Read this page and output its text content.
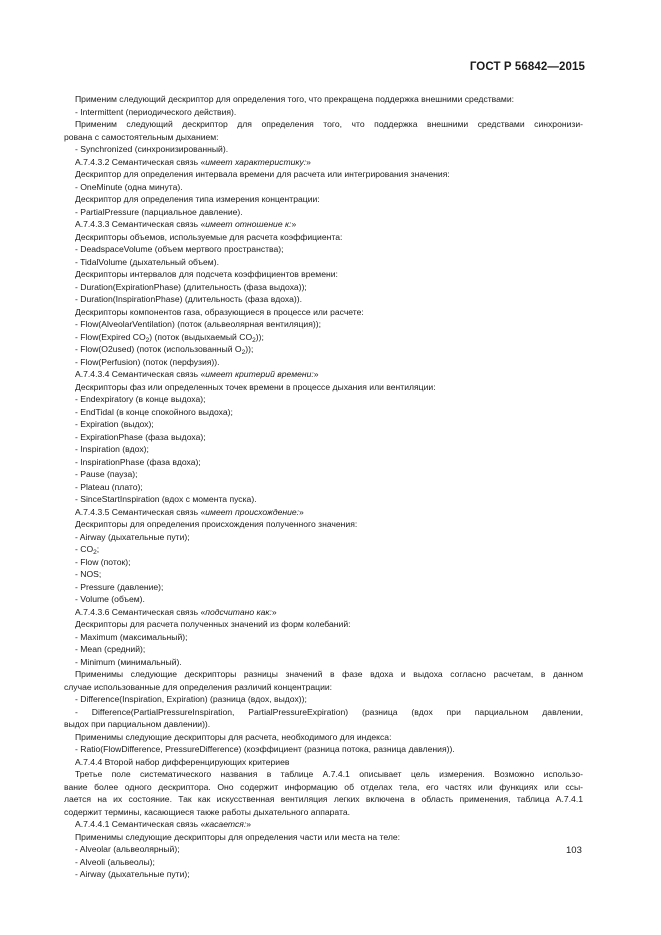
ГОСТ Р 56842—2015
Применим следующий дескриптор для определения того, что прекращена поддержка внешними средствами:
- Intermittent (периодического действия).
Применим следующий дескриптор для определения того, что поддержка внешними средствами синхронизи-
рована с самостоятельным дыханием:
- Synchronized (синхронизированный).
A.7.4.3.2 Семантическая связь «имеет характеристику:»
Дескриптор для определения интервала времени для расчета или интегрирования значения:
- OneMinute (одна минута).
Дескриптор для определения типа измерения концентрации:
- PartialPressure (парциальное давление).
A.7.4.3.3 Семантическая связь «имеет отношение к:»
Дескрипторы объемов, используемые для расчета коэффициента:
- DeadspaceVolume (объем мертвого пространства);
- TidalVolume (дыхательный объем).
Дескрипторы интервалов для подсчета коэффициентов времени:
- Duration(ExpirationPhase) (длительность (фаза выдоха));
- Duration(InspirationPhase) (длительность (фаза вдоха)).
Дескрипторы компонентов газа, образующиеся в процессе или расчете:
- Flow(AlveolarVentilation) (поток (альвеолярная вентиляция));
- Flow(Expired $CO_2$) (поток (выдыхаемый $CO_2$));
- Flow(O2used) (поток (использованный $O_2$));
- Flow(Perfusion) (поток (перфузия)).
A.7.4.3.4 Семантическая связь «имеет критерий времени:»
Дескрипторы фаз или определенных точек времени в процессе дыхания или вентиляции:
- Endexpiratory (в конце выдоха);
- EndTidal (в конце спокойного выдоха);
- Expiration (выдох);
- ExpirationPhase (фаза выдоха);
- Inspiration (вдох);
- InspirationPhase (фаза вдоха);
- Pause (пауза);
- Plateau (плато);
- SinceStartInspiration (вдох с момента пуска).
A.7.4.3.5 Семантическая связь «имеет происхождение:»
Дескрипторы для определения происхождения полученного значения:
- Airway (дыхательные пути);
- $CO_2$;
- Flow (поток);
- NOS;
- Pressure (давление);
- Volume (объем).
A.7.4.3.6 Семантическая связь «подсчитано как:»
Дескрипторы для расчета полученных значений из форм колебаний:
- Maximum (максимальный);
- Mean (средний);
- Minimum (минимальный).
Применимы следующие дескрипторы разницы значений в фазе вдоха и выдоха согласно расчетам, в данном
случае использованные для определения различий концентрации:
- Difference(Inspiration, Expiration) (разница (вдох, выдох));
- Difference(PartialPressureInspiration, PartialPressureExpiration) (разница (вдох при парциальном давлении,
выдох при парциальном давлении)).
Применимы следующие дескрипторы для расчета, необходимого для индекса:
- Ratio(FlowDifference, PressureDifference) (коэффициент (разница потока, разница давления)).
A.7.4.4 Второй набор дифференцирующих критериев
Третье поле систематического названия в таблице А.7.4.1 описывает цель измерения. Возможно использо-
вание более одного дескриптора. Оно содержит информацию об отделах тела, его частях или функциях или ссы-
лается на их состояние. Так как искусственная вентиляция легких включена в область применения, таблица А.7.4.1
содержит термины, касающиеся также работы дыхательного аппарата.
A.7.4.4.1 Семантическая связь «касается:»
Применимы следующие дескрипторы для определения части или места на теле:
- Alveolar (альвеолярный);
- Alveoli (альвеолы);
- Airway (дыхательные пути);
103
